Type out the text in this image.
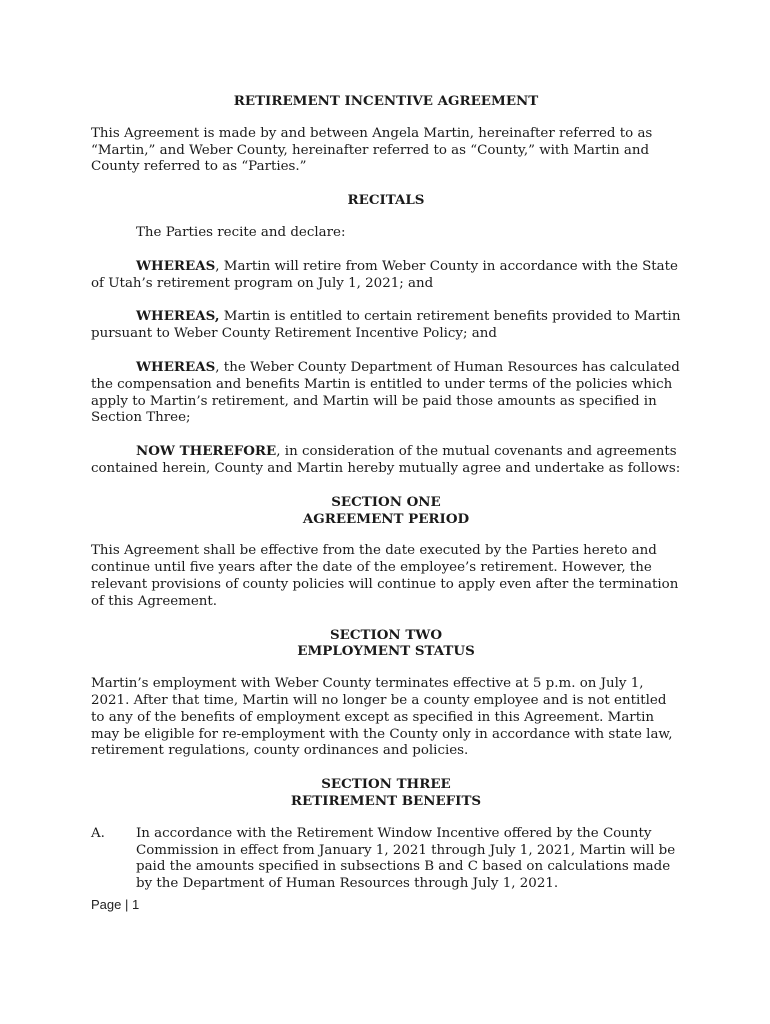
RETIREMENT INCENTIVE AGREEMENT

This Agreement is made by and between Angela Martin, hereinafter referred to as “Martin,” and Weber County, hereinafter referred to as “County,” with Martin and County referred to as “Parties.”

RECITALS

The Parties recite and declare:

WHEREAS, Martin will retire from Weber County in accordance with the State of Utah’s retirement program on July 1, 2021; and

WHEREAS, Martin is entitled to certain retirement benefits provided to Martin pursuant to Weber County Retirement Incentive Policy; and

WHEREAS, the Weber County Department of Human Resources has calculated the compensation and benefits Martin is entitled to under terms of the policies which apply to Martin’s retirement, and Martin will be paid those amounts as specified in Section Three;

NOW THEREFORE, in consideration of the mutual covenants and agreements contained herein, County and Martin hereby mutually agree and undertake as follows:

SECTION ONE

AGREEMENT PERIOD

This Agreement shall be effective from the date executed by the Parties hereto and continue until five years after the date of the employee’s retirement. However, the relevant provisions of county policies will continue to apply even after the termination of this Agreement.

SECTION TWO

EMPLOYMENT STATUS

Martin’s employment with Weber County terminates effective at 5 p.m. on July 1, 2021. After that time, Martin will no longer be a county employee and is not entitled to any of the benefits of employment except as specified in this Agreement. Martin may be eligible for re-employment with the County only in accordance with state law, retirement regulations, county ordinances and policies.

SECTION THREE

RETIREMENT BENEFITS

A.	In accordance with the Retirement Window Incentive offered by the County Commission in effect from January 1, 2021 through July 1, 2021, Martin will be paid the amounts specified in subsections B and C based on calculations made by the Department of Human Resources through July 1, 2021.
Page | 1
